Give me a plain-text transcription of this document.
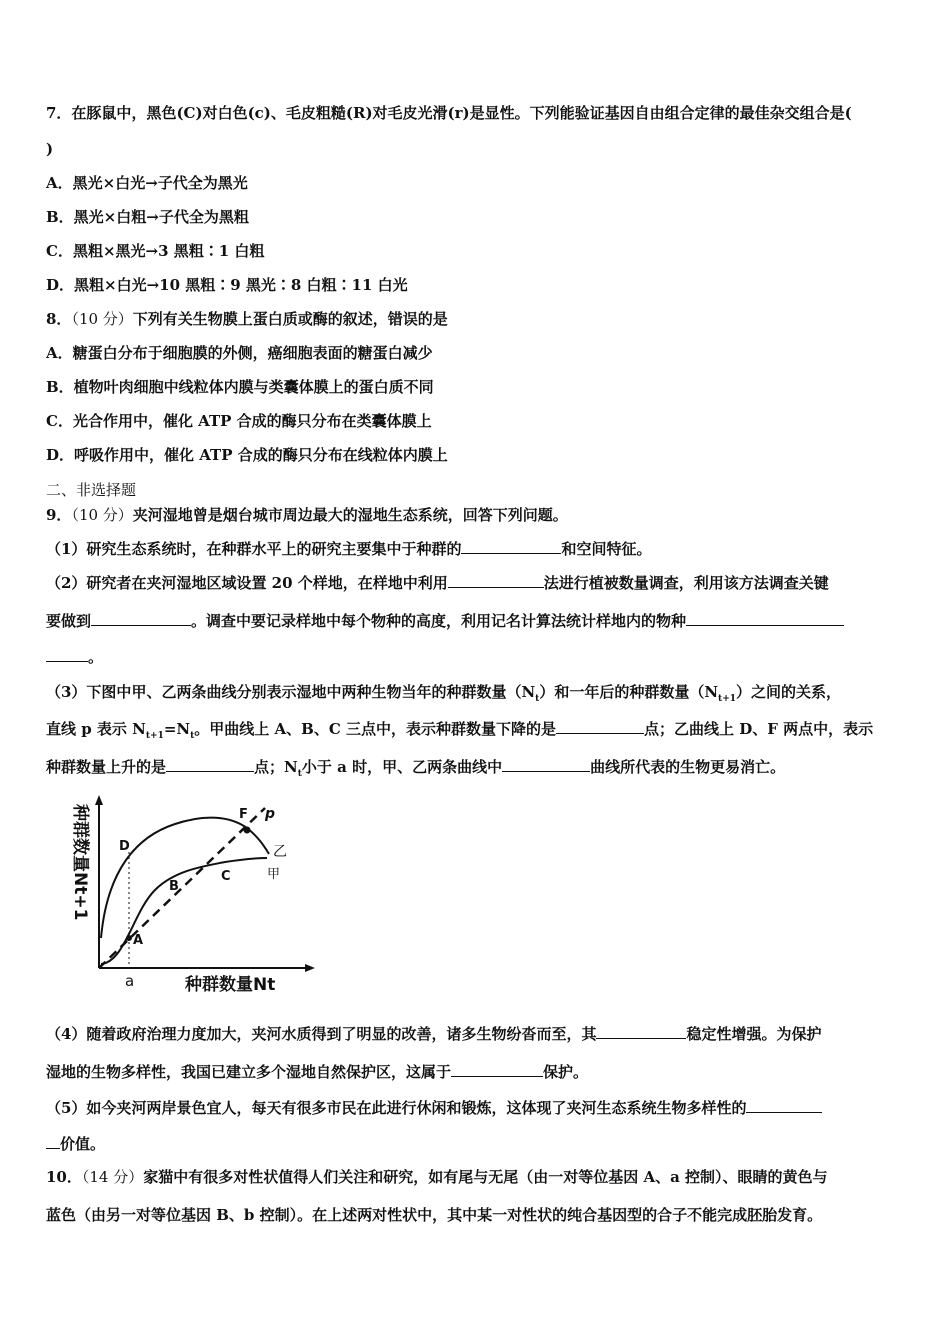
7．在豚鼠中，黑色(C)对白色(c)、毛皮粗糙(R)对毛皮光滑(r)是显性。下列能验证基因自由组合定律的最佳杂交组合是(
)
A．黑光×白光→子代全为黑光
B．黑光×白粗→子代全为黑粗
C．黑粗×黑光→3 黑粗∶1 白粗
D．黑粗×白光→10 黑粗∶9 黑光∶8 白粗∶11 白光
8．（10 分）下列有关生物膜上蛋白质或酶的叙述，错误的是
A．糖蛋白分布于细胞膜的外侧，癌细胞表面的糖蛋白减少
B．植物叶肉细胞中线粒体内膜与类囊体膜上的蛋白质不同
C．光合作用中，催化 ATP 合成的酶只分布在类囊体膜上
D．呼吸作用中，催化 ATP 合成的酶只分布在线粒体内膜上
二、非选择题
9．（10 分）夹河湿地曾是烟台城市周边最大的湿地生态系统，回答下列问题。
（1）研究生态系统时，在种群水平上的研究主要集中于种群的	和空间特征。
（2）研究者在夹河湿地区域设置 20 个样地，在样地中利用	法进行植被数量调查，利用该方法调查关键
要做到	。调查中要记录样地中每个物种的高度，利用记名计算法统计样地内的物种
。
（3）下图中甲、乙两条曲线分别表示湿地中两种生物当年的种群数量$(N_t)$和一年后的种群数量$(N_{t+1})$之间的关系，
直线 p 表示 $N_{t+1}=N_t$。甲曲线上 A、B、C 三点中，表示种群数量下降的是	点；乙曲线上 D、F 两点中，表示
种群数量上升的是	点；$N_t$小于 a 时，甲、乙两条曲线中	曲线所代表的生物更易消亡。
种群数量Nt+1
种群数量Nt
a
D
F p
乙
甲
C
B
A
（4）随着政府治理力度加大，夹河水质得到了明显的改善，诸多生物纷沓而至，其	稳定性增强。为保护
湿地的生物多样性，我国已建立多个湿地自然保护区，这属于	保护。
（5）如今夹河两岸景色宜人，每天有很多市民在此进行休闲和锻炼，这体现了夹河生态系统生物多样性的
价值。
10．（14 分）家猫中有很多对性状值得人们关注和研究，如有尾与无尾（由一对等位基因 A、a 控制）、眼睛的黄色与
蓝色（由另一对等位基因 B、b 控制）。在上述两对性状中，其中某一对性状的纯合基因型的合子不能完成胚胎发育。
